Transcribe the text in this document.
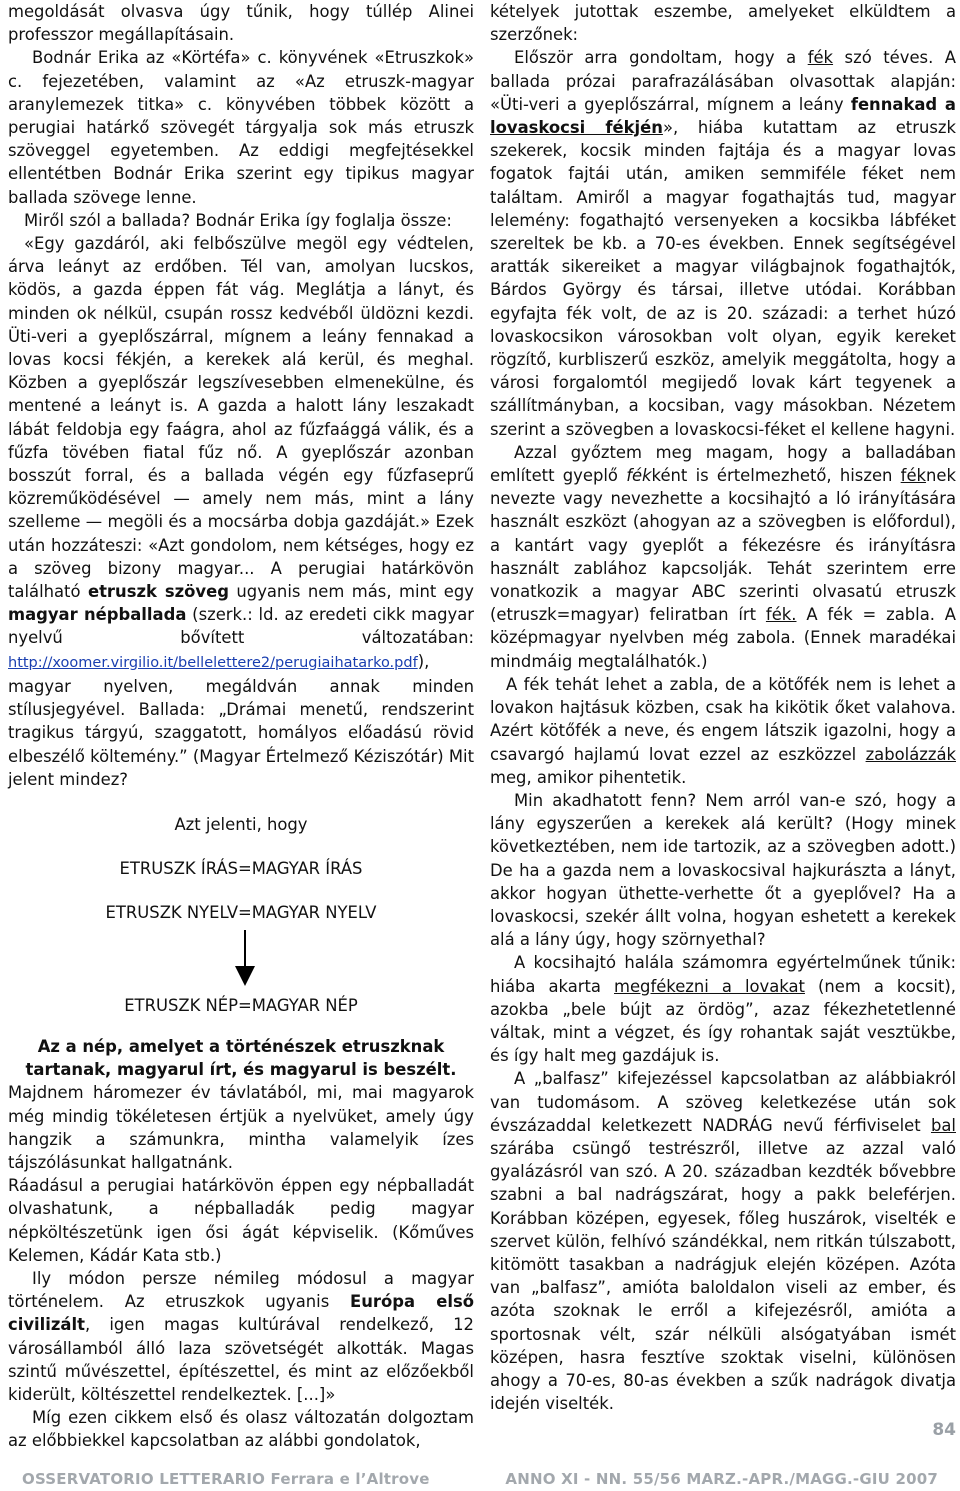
megoldását olvasva úgy tűnik, hogy túllép Alinei professzor megállapításain.

Bodnár Erika az «Körtéfa» c. könyvének «Etruszkok» c. fejezetében, valamint az «Az etruszk-magyar aranylemezek titka» c. könyvében többek között a perugiai határkő szövegét tárgyalja sok más etruszk szöveggel egyetemben. Az eddigi megfejtésekkel ellentétben Bodnár Erika szerint egy tipikus magyar ballada szövege lenne.

Miről szól a ballada? Bodnár Erika így foglalja össze:

«Egy gazdáról, aki felbőszülve megöl egy védtelen, árva leányt az erdőben. Tél van, amolyan lucskos, ködös, a gazda éppen fát vág. Meglátja a lányt, és minden ok nélkül, csupán rossz kedvéből üldözni kezdi. Üti-veri a gyeplőszárral, mígnem a leány fennakad a lovas kocsi fékjén, a kerekek alá kerül, és meghal. Közben a gyeplőszár legszívesebben elmenekülne, és mentené a leányt is. A gazda a halott lány leszakadt lábát feldobja egy faágra, ahol az fűzfaággá válik, és a fűzfa tövében fiatal fűz nő. A gyeplőszár azonban bosszút forral, és a ballada végén egy fűzfaseprű közreműködésével — amely nem más, mint a lány szelleme — megöli és a mocsárba dobja gazdáját.» Ezek után hozzáteszi: «Azt gondolom, nem kétséges, hogy ez a szöveg bizony magyar... A perugiai határkövön található etruszk szöveg ugyanis nem más, mint egy magyar népballada (szerk.: ld. az eredeti cikk magyar nyelvű bővített változatában: http://xoomer.virgilio.it/bellelettere2/perugiaihatarko.pdf), magyar nyelven, megáldván annak minden stílusjegyével. Ballada: „Drámai menetű, rendszerint tragikus tárgyú, szaggatott, homályos előadású rövid elbeszélő költemény.” (Magyar Értelmező Kéziszótár) Mit jelent mindez?

Azt jelenti, hogy

ETRUSZK ÍRÁS=MAGYAR ÍRÁS

ETRUSZK NYELV=MAGYAR NYELV

ETRUSZK NÉP=MAGYAR NÉP

Az a nép, amelyet a történészek etruszknak tartanak, magyarul írt, és magyarul is beszélt.

Majdnem háromezer év távlatából, mi, mai magyarok még mindig tökéletesen értjük a nyelvüket, amely úgy hangzik a számunkra, mintha valamelyik ízes tájszólásunkat hallgatnánk.

Ráadásul a perugiai határkövön éppen egy népballadát olvashatunk, a népballadák pedig magyar népköltészetünk igen ősi ágát képviselik. (Kőműves Kelemen, Kádár Kata stb.)

Ily módon persze némileg módosul a magyar történelem. Az etruszkok ugyanis Európa első civilizált, igen magas kultúrával rendelkező, 12 városállamból álló laza szövetségét alkották. Magas szintű művészettel, építészettel, és mint az előzőekből kiderült, költészettel rendelkeztek. [...]»

Míg ezen cikkem első és olasz változatán dolgoztam az előbbiekkel kapcsolatban az alábbi gondolatok,

kételyek jutottak eszembe, amelyeket elküldtem a szerzőnek:

Először arra gondoltam, hogy a fék szó téves. A ballada prózai parafrazálásában olvasottak alapján: «Üti-veri a gyeplőszárral, mígnem a leány fennakad a lovaskocsi fékjén», hiába kutattam az etruszk szekerek, kocsik minden fajtája és a magyar lovas fogatok fajtái után, amiken semmiféle féket nem találtam. Amiről a magyar fogathajtás tud, magyar lelemény: fogathajtó versenyeken a kocsikba lábféket szereltek be kb. a 70-es években. Ennek segítségével aratták sikereiket a magyar világbajnok fogathajtók, Bárdos György és társai, illetve utódai. Korábban egyfajta fék volt, de az is 20. századi: a terhet húzó lovaskocsikon városokban volt olyan, egyik kereket rögzítő, kurbliszerű eszköz, amelyik meggátolta, hogy a városi forgalomtól megijedő lovak kárt tegyenek a szállítmányban, a kocsiban, vagy másokban. Nézetem szerint a szövegben a lovaskocsi-féket el kellene hagyni.

Azzal győztem meg magam, hogy a balladában említett gyeplő fékként is értelmezhető, hiszen féknek nevezte vagy nevezhette a kocsihajtó a ló irányítására használt eszközt (ahogyan az a szövegben is előfordul), a kantárt vagy gyeplőt a fékezésre és irányításra használt zablához kapcsolják. Tehát szerintem erre vonatkozik a magyar ABC szerinti olvasatú etruszk (etruszk=magyar) feliratban írt fék. A fék = zabla. A középmagyar nyelvben még zabola. (Ennek maradékai mindmáig megtalálhatók.)

A fék tehát lehet a zabla, de a kötőfék nem is lehet a lovakon hajtásuk közben, csak ha kikötik őket valahova. Azért kötőfék a neve, és engem látszik igazolni, hogy a csavargó hajlamú lovat ezzel az eszközzel zabolázzák meg, amikor pihentetik.

Min akadhatott fenn? Nem arról van-e szó, hogy a lány egyszerűen a kerekek alá került? (Hogy minek következtében, nem ide tartozik, az a szövegben adott.) De ha a gazda nem a lovaskocsival hajkurászta a lányt, akkor hogyan üthette-verhette őt a gyeplővel? Ha a lovaskocsi, szekér állt volna, hogyan eshetett a kerekek alá a lány úgy, hogy szörnyethal?

A kocsihajtó halála számomra egyértelműnek tűnik: hiába akarta megfékezni a lovakat (nem a kocsit), azokba „bele bújt az ördög”, azaz fékezhetetlenné váltak, mint a végzet, és így rohantak saját vesztükbe, és így halt meg gazdájuk is.

A „balfasz” kifejezéssel kapcsolatban az alábbiakról van tudomásom. A szöveg keletkezése után sok évszázaddal keletkezett NADRÁG nevű férfiviselet bal szárába csüngő testrészről, illetve az azzal való gyalázásról van szó. A 20. században kezdték bővebbre szabni a bal nadrágszárat, hogy a pakk beleférjen. Korábban középen, egyesek, főleg huszárok, viselték e szervet külön, felhívó szándékkal, nem ritkán túlszabott, kitömött tasakban a nadrágjuk elején középen. Azóta van „balfasz”, amióta baloldalon viseli az ember, és azóta szoknak le erről a kifejezésről, amióta a sportosnak vélt, szár nélküli alsógatyában ismét középen, hasra fesztíve szoktak viselni, különösen ahogy a 70-es, 80-as években a szűk nadrágok divatja idején viselték.

84
OSSERVATORIO LETTERARIO Ferrara e l’Altrove	ANNO XI - NN. 55/56 MARZ.-APR./MAGG.-GIU 2007
